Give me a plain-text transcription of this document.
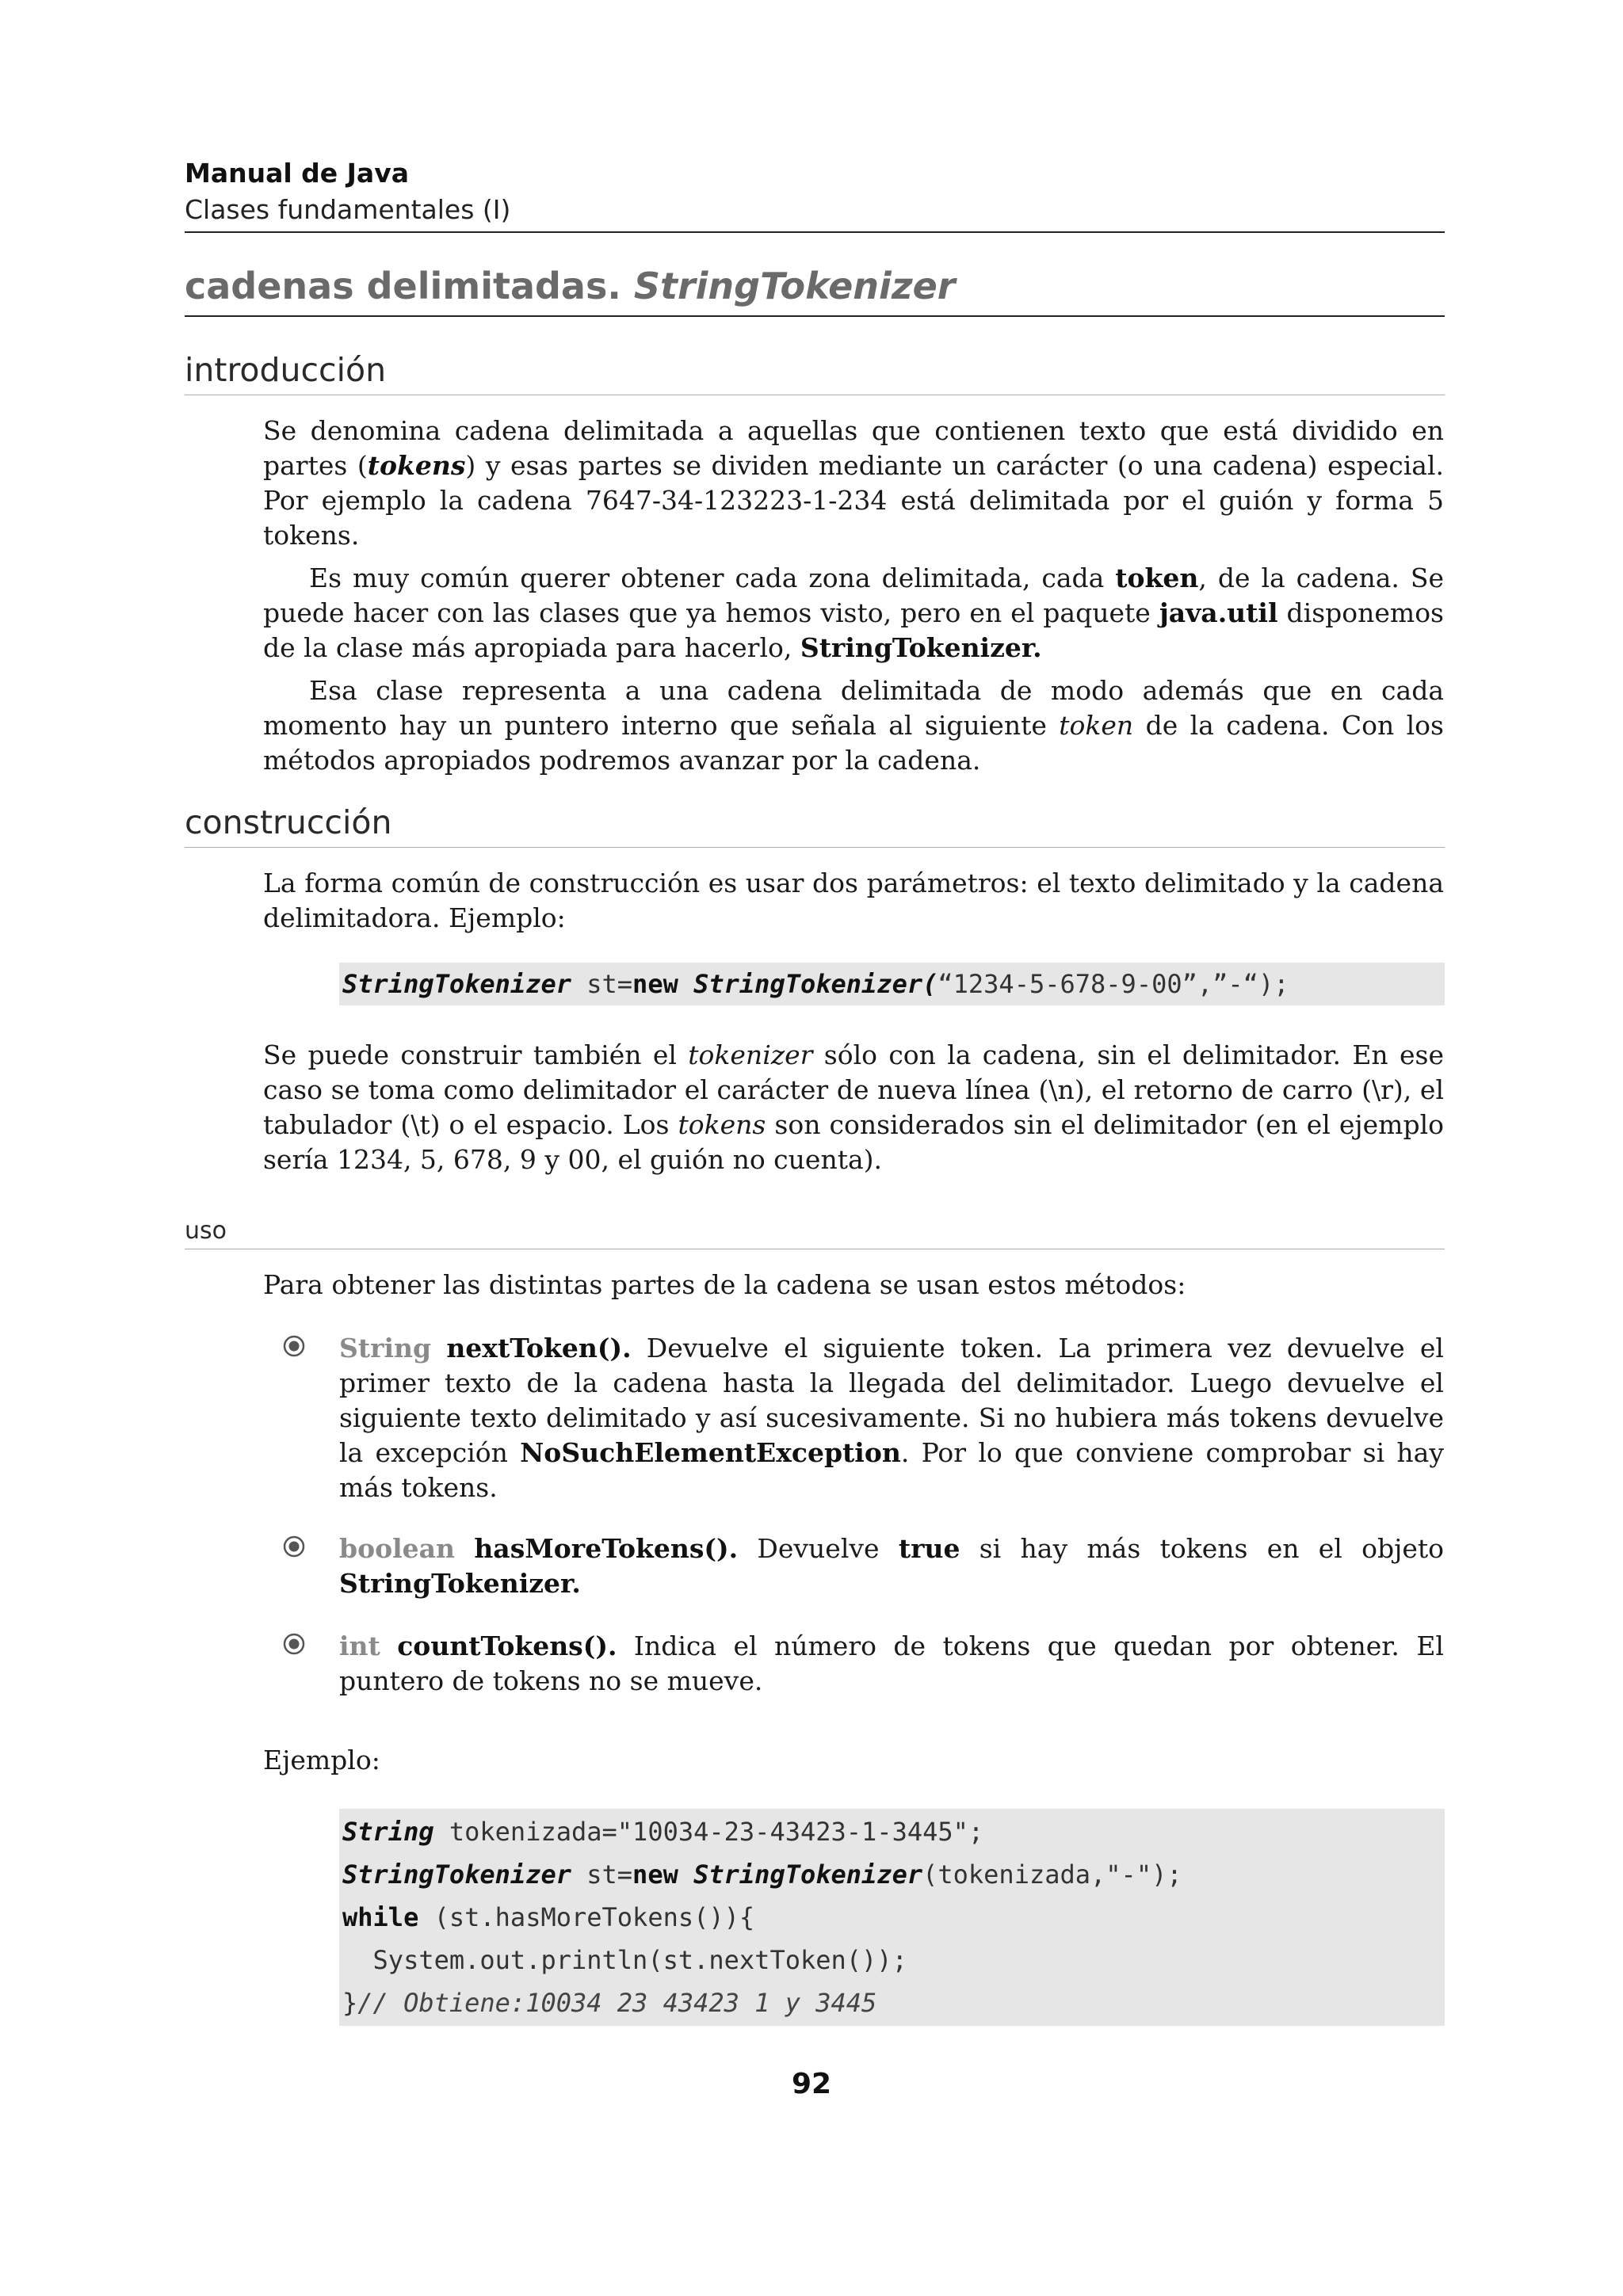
Manual de Java
Clases fundamentales (I)
cadenas delimitadas. StringTokenizer
introducción

Se denomina cadena delimitada a aquellas que contienen texto que está dividido en partes (tokens) y esas partes se dividen mediante un carácter (o una cadena) especial. Por ejemplo la cadena 7647-34-123223-1-234 está delimitada por el guión y forma 5 tokens.

Es muy común querer obtener cada zona delimitada, cada token, de la cadena. Se puede hacer con las clases que ya hemos visto, pero en el paquete java.util disponemos de la clase más apropiada para hacerlo, StringTokenizer.

Esa clase representa a una cadena delimitada de modo además que en cada momento hay un puntero interno que señala al siguiente token de la cadena. Con los métodos apropiados podremos avanzar por la cadena.

construcción

La forma común de construcción es usar dos parámetros: el texto delimitado y la cadena delimitadora. Ejemplo:

StringTokenizer st=new StringTokenizer(“1234-5-678-9-00”,”-“);

Se puede construir también el tokenizer sólo con la cadena, sin el delimitador. En ese caso se toma como delimitador el carácter de nueva línea (\n), el retorno de carro (\r), el tabulador (\t) o el espacio. Los tokens son considerados sin el delimitador (en el ejemplo sería 1234, 5, 678, 9 y 00, el guión no cuenta).

uso

Para obtener las distintas partes de la cadena se usan estos métodos:

String nextToken(). Devuelve el siguiente token. La primera vez devuelve el primer texto de la cadena hasta la llegada del delimitador. Luego devuelve el siguiente texto delimitado y así sucesivamente. Si no hubiera más tokens devuelve la excepción NoSuchElementException. Por lo que conviene comprobar si hay más tokens.
boolean hasMoreTokens(). Devuelve true si hay más tokens en el objeto StringTokenizer.
int countTokens(). Indica el número de tokens que quedan por obtener. El puntero de tokens no se mueve.

Ejemplo:

String tokenizada="10034-23-43423-1-3445";
StringTokenizer st=new StringTokenizer(tokenizada,"-");
while (st.hasMoreTokens()){
System.out.println(st.nextToken());
}// Obtiene:10034 23 43423 1 y 3445
92
